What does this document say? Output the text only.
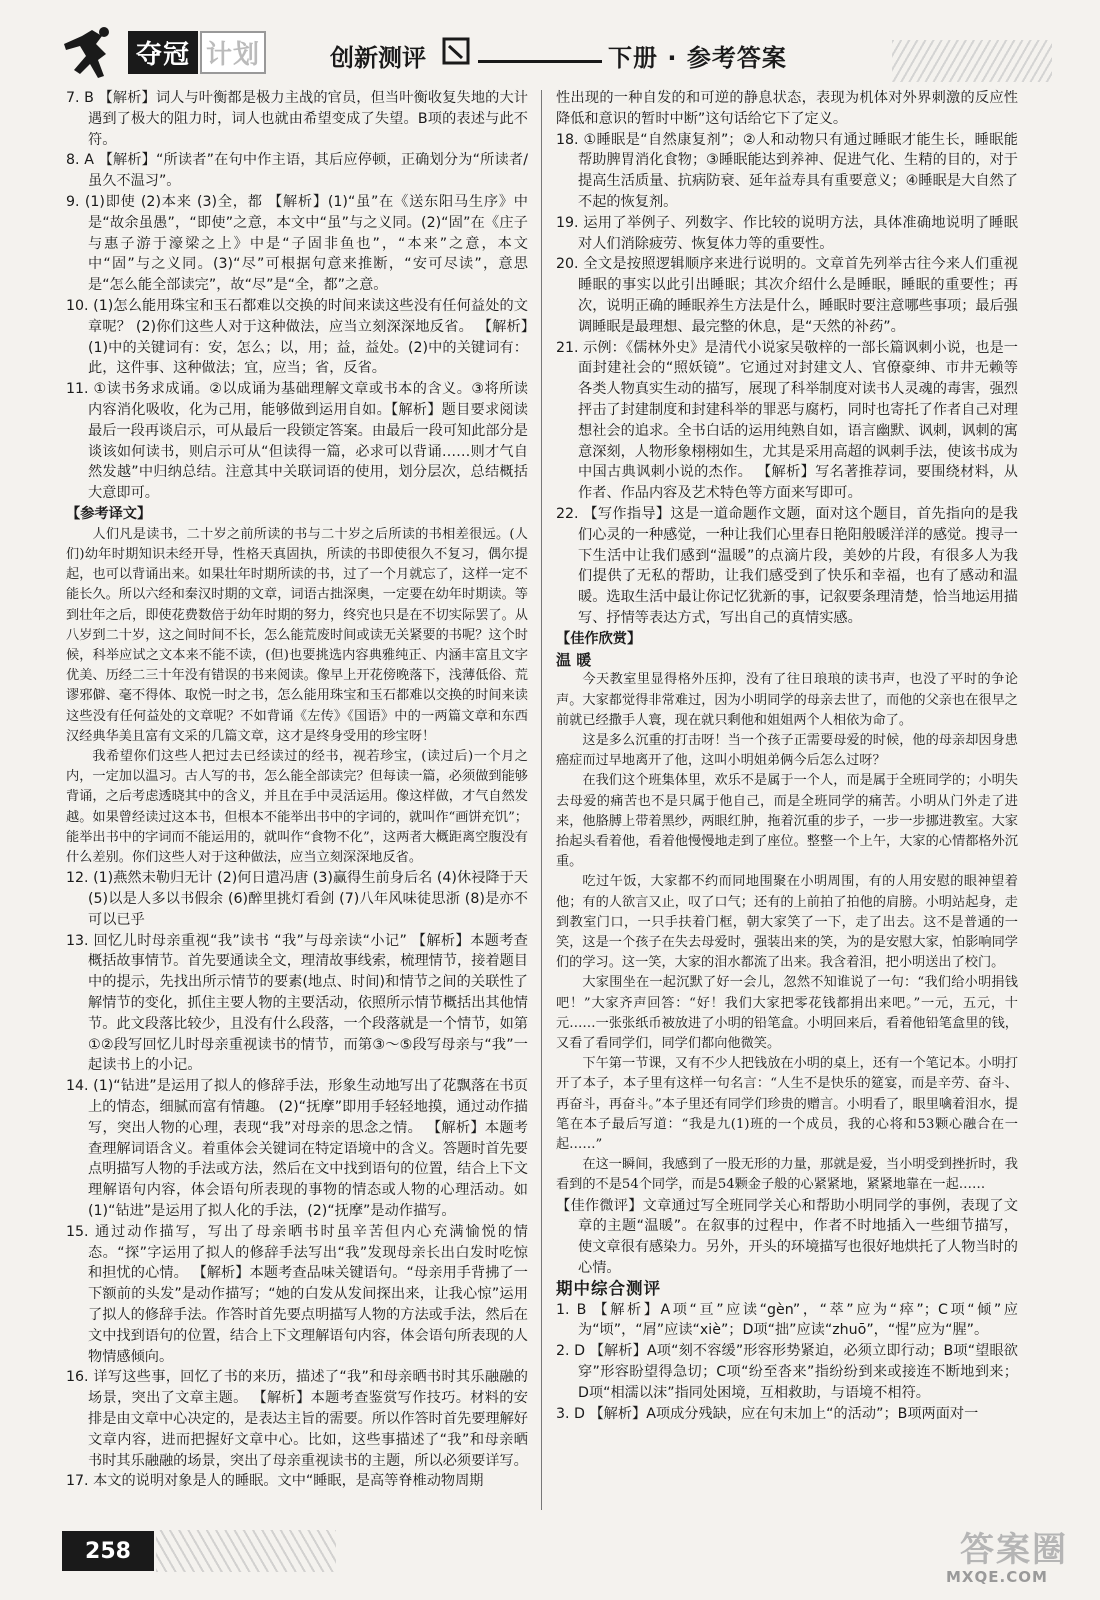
夺冠 计划	创新测评	下册 · 参考答案

7. B 【解析】词人与叶衡都是极力主战的官员，但当叶衡收复失地的大计遇到了极大的阻力时，词人也就由希望变成了失望。B项的表述与此不符。

8. A 【解析】“所读者”在句中作主语，其后应停顿，正确划分为“所读者/虽久不温习”。

9. (1)即使 (2)本来 (3)全，都 【解析】(1)“虽”在《送东阳马生序》中是“故余虽愚”，“即使”之意，本文中“虽”与之义同。(2)“固”在《庄子与惠子游于濠梁之上》中是“子固非鱼也”，“本来”之意，本文中“固”与之义同。(3)“尽”可根据句意来推断，“安可尽读”，意思是“怎么能全部读完”，故“尽”是“全，都”之意。

10. (1)怎么能用珠宝和玉石都难以交换的时间来读这些没有任何益处的文章呢？ (2)你们这些人对于这种做法，应当立刻深深地反省。 【解析】(1)中的关键词有：安，怎么；以，用；益，益处。(2)中的关键词有：此，这件事、这种做法；宜，应当；省，反省。

11. ①读书务求成诵。②以成诵为基础理解文章或书本的含义。③将所读内容消化吸收，化为己用，能够做到运用自如。【解析】题目要求阅读最后一段再谈启示，可从最后一段锁定答案。由最后一段可知此部分是谈该如何读书，则启示可从“但读得一篇，必求可以背诵……则才气自然发越”中归纳总结。注意其中关联词语的使用，划分层次，总结概括大意即可。

【参考译文】

人们凡是读书，二十岁之前所读的书与二十岁之后所读的书相差很远。(人们)幼年时期知识未经开导，性格天真固执，所读的书即使很久不复习，偶尔提起，也可以背诵出来。如果壮年时期所读的书，过了一个月就忘了，这样一定不能长久。所以六经和秦汉时期的文章，词语古拙深奥，一定要在幼年时期读。等到壮年之后，即使花费数倍于幼年时期的努力，终究也只是在不切实际罢了。从八岁到二十岁，这之间时间不长，怎么能荒废时间或读无关紧要的书呢？这个时候，科举应试之文本来不能不读，(但)也要挑选内容典雅纯正、内涵丰富且文字优美、历经二三十年没有错误的书来阅读。像早上开花傍晚落下，浅薄低俗、荒谬邪僻、毫不得体、取悦一时之书，怎么能用珠宝和玉石都难以交换的时间来读这些没有任何益处的文章呢？不如背诵《左传》《国语》中的一两篇文章和东西汉经典华美且富有文采的几篇文章，这才是终身受用的珍宝呀！

我希望你们这些人把过去已经读过的经书，视若珍宝，(读过后)一个月之内，一定加以温习。古人写的书，怎么能全部读完？但每读一篇，必须做到能够背诵，之后考虑透晓其中的含义，并且在手中灵活运用。像这样做，才气自然发越。如果曾经读过这本书，但根本不能举出书中的字词的，就叫作“画饼充饥”；能举出书中的字词而不能运用的，就叫作“食物不化”，这两者大概距离空腹没有什么差别。你们这些人对于这种做法，应当立刻深深地反省。

12. (1)燕然未勒归无计 (2)何日遣冯唐 (3)赢得生前身后名 (4)休祲降于天 (5)以是人多以书假余 (6)醉里挑灯看剑 (7)八年风味徒思浙 (8)是亦不可以已乎

13. 回忆儿时母亲重视“我”读书 “我”与母亲读“小记” 【解析】本题考查概括故事情节。首先要通读全文，理清故事线索，梳理情节，接着题目中的提示，先找出所示情节的要素(地点、时间)和情节之间的关联性了解情节的变化，抓住主要人物的主要活动，依照所示情节概括出其他情节。此文段落比较少，且没有什么段落，一个段落就是一个情节，如第①②段写回忆儿时母亲重视读书的情节，而第③～⑤段写母亲与“我”一起读书上的小记。

14. (1)“钻进”是运用了拟人的修辞手法，形象生动地写出了花飘落在书页上的情态，细腻而富有情趣。 (2)“抚摩”即用手轻轻地摸，通过动作描写，突出人物的心理，表现“我”对母亲的思念之情。 【解析】本题考查理解词语含义。着重体会关键词在特定语境中的含义。答题时首先要点明描写人物的手法或方法，然后在文中找到语句的位置，结合上下文理解语句内容，体会语句所表现的事物的情态或人物的心理活动。如(1)“钻进”是运用了拟人化的手法，(2)“抚摩”是动作描写。

15. 通过动作描写，写出了母亲晒书时虽辛苦但内心充满愉悦的情态。“探”字运用了拟人的修辞手法写出“我”发现母亲长出白发时吃惊和担忧的心情。 【解析】本题考查品味关键语句。“母亲用手背拂了一下额前的头发”是动作描写；“她的白发从发间探出来，让我心惊”运用了拟人的修辞手法。作答时首先要点明描写人物的方法或手法，然后在文中找到语句的位置，结合上下文理解语句内容，体会语句所表现的人物情感倾向。

16. 详写这些事，回忆了书的来历，描述了“我”和母亲晒书时其乐融融的场景，突出了文章主题。 【解析】本题考查鉴赏写作技巧。材料的安排是由文章中心决定的，是表达主旨的需要。所以作答时首先要理解好文章内容，进而把握好文章中心。比如，这些事描述了“我”和母亲晒书时其乐融融的场景，突出了母亲重视读书的主题，所以必须要详写。

17. 本文的说明对象是人的睡眠。文中“睡眠，是高等脊椎动物周期

性出现的一种自发的和可逆的静息状态，表现为机体对外界刺激的反应性降低和意识的暂时中断”这句话给它下了定义。

18. ①睡眠是“自然康复剂”；②人和动物只有通过睡眠才能生长，睡眠能帮助脾胃消化食物；③睡眠能达到养神、促进气化、生精的目的，对于提高生活质量、抗病防衰、延年益寿具有重要意义；④睡眠是大自然了不起的恢复剂。

19. 运用了举例子、列数字、作比较的说明方法，具体准确地说明了睡眠对人们消除疲劳、恢复体力等的重要性。

20. 全文是按照逻辑顺序来进行说明的。文章首先列举古往今来人们重视睡眠的事实以此引出睡眠；其次介绍什么是睡眠，睡眠的重要性；再次，说明正确的睡眠养生方法是什么，睡眠时要注意哪些事项；最后强调睡眠是最理想、最完整的休息，是“天然的补药”。

21. 示例：《儒林外史》是清代小说家吴敬梓的一部长篇讽刺小说，也是一面封建社会的“照妖镜”。它通过对封建文人、官僚豪绅、市井无赖等各类人物真实生动的描写，展现了科举制度对读书人灵魂的毒害，强烈抨击了封建制度和封建科举的罪恶与腐朽，同时也寄托了作者自己对理想社会的追求。全书白话的运用纯熟自如，语言幽默、讽刺，讽刺的寓意深刻，人物形象栩栩如生，尤其是采用高超的讽刺手法，使该书成为中国古典讽刺小说的杰作。 【解析】写名著推荐词，要围绕材料，从作者、作品内容及艺术特色等方面来写即可。

22. 【写作指导】这是一道命题作文题，面对这个题目，首先指向的是我们心灵的一种感觉，一种让我们心里春日艳阳般暖洋洋的感觉。搜寻一下生活中让我们感到“温暖”的点滴片段，美妙的片段，有很多人为我们提供了无私的帮助，让我们感受到了快乐和幸福，也有了感动和温暖。选取生活中最让你记忆犹新的事，记叙要条理清楚，恰当地运用描写、抒情等表达方式，写出自己的真情实感。

【佳作欣赏】

温 暖

今天教室里显得格外压抑，没有了往日琅琅的读书声，也没了平时的争论声。大家都觉得非常难过，因为小明同学的母亲去世了，而他的父亲也在很早之前就已经撒手人寰，现在就只剩他和姐姐两个人相依为命了。

这是多么沉重的打击呀！当一个孩子正需要母爱的时候，他的母亲却因身患癌症而过早地离开了他，这叫小明姐弟俩今后怎么过呀？

在我们这个班集体里，欢乐不是属于一个人，而是属于全班同学的；小明失去母爱的痛苦也不是只属于他自己，而是全班同学的痛苦。小明从门外走了进来，他胳膊上带着黑纱，两眼红肿，拖着沉重的步子，一步一步挪进教室。大家抬起头看着他，看着他慢慢地走到了座位。整整一个上午，大家的心情都格外沉重。

吃过午饭，大家都不约而同地围聚在小明周围，有的人用安慰的眼神望着他；有的人欲言又止，叹了口气；还有的上前拍了拍他的肩膀。小明站起身，走到教室门口，一只手扶着门框，朝大家笑了一下，走了出去。这不是普通的一笑，这是一个孩子在失去母爱时，强装出来的笑，为的是安慰大家，怕影响同学们的学习。这一笑，大家的泪水都流了出来。我含着泪，把小明送出了校门。

大家围坐在一起沉默了好一会儿，忽然不知谁说了一句：“我们给小明捐钱吧！”大家齐声回答：“好！我们大家把零花钱都捐出来吧。”一元，五元，十元……一张张纸币被放进了小明的铅笔盒。小明回来后，看着他铅笔盒里的钱，又看了看同学们，同学们都向他微笑。

下午第一节课，又有不少人把钱放在小明的桌上，还有一个笔记本。小明打开了本子，本子里有这样一句名言：“人生不是快乐的筵宴，而是辛劳、奋斗、再奋斗，再奋斗。”本子里还有同学们珍贵的赠言。小明看了，眼里噙着泪水，提笔在本子最后写道：“我是九(1)班的一个成员，我的心将和53颗心融合在一起……”

在这一瞬间，我感到了一股无形的力量，那就是爱，当小明受到挫折时，我看到的不是54个同学，而是54颗金子般的心紧紧地，紧紧地靠在一起……

【佳作微评】文章通过写全班同学关心和帮助小明同学的事例，表现了文章的主题“温暖”。在叙事的过程中，作者不时地插入一些细节描写，使文章很有感染力。另外，开头的环境描写也很好地烘托了人物当时的心情。

期中综合测评

1. B 【解析】A项“亘”应读“gèn”，“萃”应为“瘁”；C项“倾”应为“顷”，“屑”应读“xiè”；D项“拙”应读“zhuō”，“惺”应为“腥”。

2. D 【解析】A项“刻不容缓”形容形势紧迫，必须立即行动；B项“望眼欲穿”形容盼望得急切；C项“纷至沓来”指纷纷到来或接连不断地到来；D项“相濡以沫”指同处困境，互相救助，与语境不相符。

3. D 【解析】A项成分残缺，应在句末加上“的活动”；B项两面对一

258	答案圈
MXQE.COM
